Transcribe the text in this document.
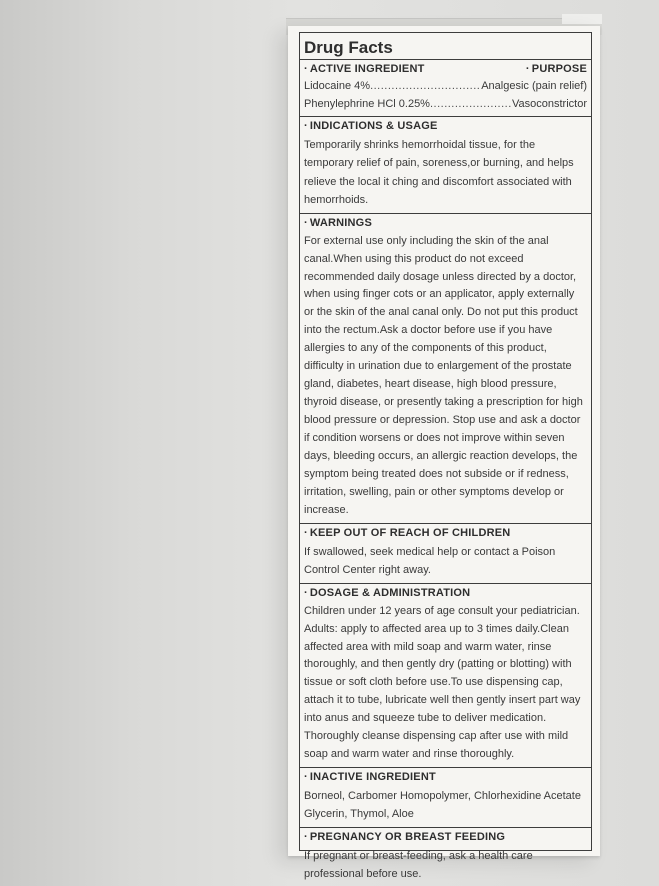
Drug Facts
· ACTIVE INGREDIENT	· PURPOSE
Lidocaine 4% .....	Analgesic (pain relief)
Phenylephrine HCl 0.25% .....	Vasoconstrictor
· INDICATIONS & USAGE
Temporarily shrinks hemorrhoidal tissue, for the temporary relief of pain, soreness,or burning, and helps relieve the local it ching and discomfort associated with hemorrhoids.
· WARNINGS
For external use only including the skin of the anal canal.When using this product do not exceed recommended daily dosage unless directed by a doctor, when using finger cots or an applicator, apply externally or the skin of the anal canal only. Do not put this product into the rectum.Ask a doctor before use if you have allergies to any of the components of this product, difficulty in urination due to enlargement of the prostate gland, diabetes, heart disease, high blood pressure, thyroid disease, or presently taking a prescription for high blood pressure or depression. Stop use and ask a doctor if condition worsens or does not improve within seven days, bleeding occurs, an allergic reaction develops, the symptom being treated does not subside or if redness, irritation, swelling, pain or other symptoms develop or increase.
· KEEP OUT OF REACH OF CHILDREN
If swallowed, seek medical help or contact a Poison Control Center right away.
· DOSAGE & ADMINISTRATION
Children under 12 years of age consult your pediatrician. Adults: apply to affected area up to 3 times daily.Clean affected area with mild soap and warm water, rinse thoroughly, and then gently dry (patting or blotting) with tissue or soft cloth before use.To use dispensing cap, attach it to tube, lubricate well then gently insert part way into anus and squeeze tube to deliver medication. Thoroughly cleanse dispensing cap after use with mild soap and warm water and rinse thoroughly.
· INACTIVE INGREDIENT
Borneol, Carbomer Homopolymer, Chlorhexidine Acetate Glycerin, Thymol, Aloe
· PREGNANCY OR BREAST FEEDING
If pregnant or breast-feeding, ask a health care professional before use.
